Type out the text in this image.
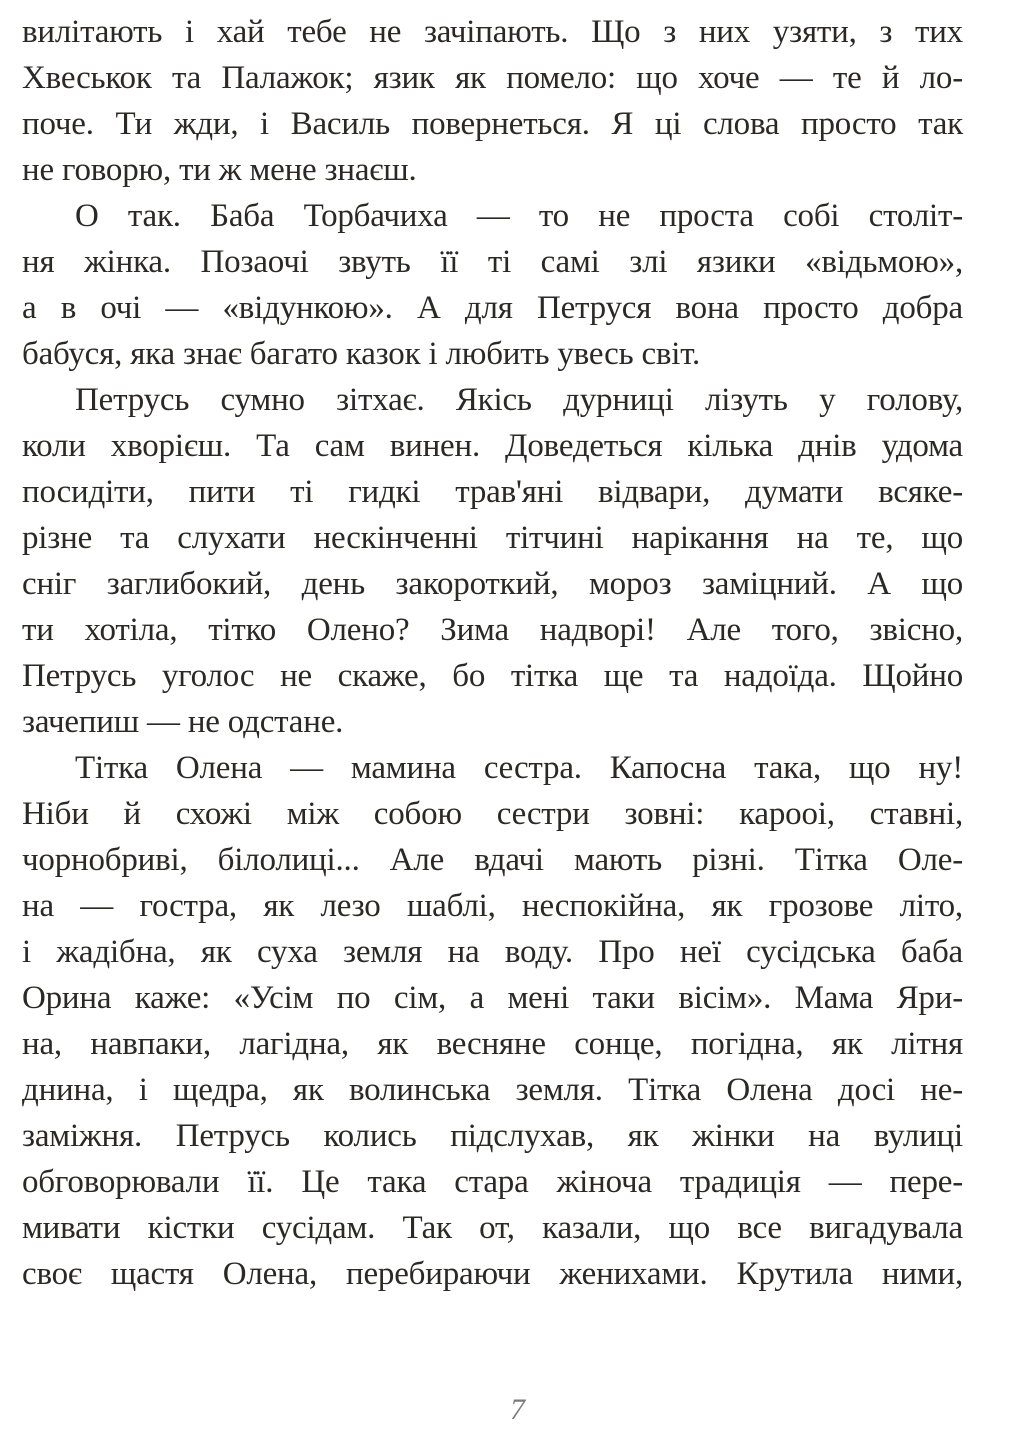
вилітають і хай тебе не зачіпають. Що з них узяти, з тих
Хвеськок та Палажок; язик як помело: що хоче — те й ло-
поче. Ти жди, і Василь повернеться. Я ці слова просто так
не говорю, ти ж мене знаєш.
О так. Баба Торбачиха — то не проста собі століт-
ня жінка. Позаочі звуть її ті самі злі язики «відьмою»,
а в очі — «відункою». А для Петруся вона просто добра
бабуся, яка знає багато казок і любить увесь світ.
Петрусь сумно зітхає. Якісь дурниці лізуть у голову,
коли хворієш. Та сам винен. Доведеться кілька днів удома
посидіти, пити ті гидкі трав'яні відвари, думати всяке-
різне та слухати нескінченні тітчині нарікання на те, що
сніг заглибокий, день закороткий, мороз заміцний. А що
ти хотіла, тітко Олено? Зима надворі! Але того, звісно,
Петрусь уголос не скаже, бо тітка ще та надоїда. Щойно
зачепиш — не одстане.
Тітка Олена — мамина сестра. Капосна така, що ну!
Ніби й схожі між собою сестри зовні: карооі, ставні,
чорнобриві, білолиці... Але вдачі мають різні. Тітка Оле-
на — гостра, як лезо шаблі, неспокійна, як грозове літо,
і жадібна, як суха земля на воду. Про неї сусідська баба
Орина каже: «Усім по сім, а мені таки вісім». Мама Яри-
на, навпаки, лагідна, як весняне сонце, погідна, як літня
днина, і щедра, як волинська земля. Тітка Олена досі не-
заміжня. Петрусь колись підслухав, як жінки на вулиці
обговорювали її. Це така стара жіноча традиція — пере-
мивати кістки сусідам. Так от, казали, що все вигадувала
своє щастя Олена, перебираючи женихами. Крутила ними,
7
